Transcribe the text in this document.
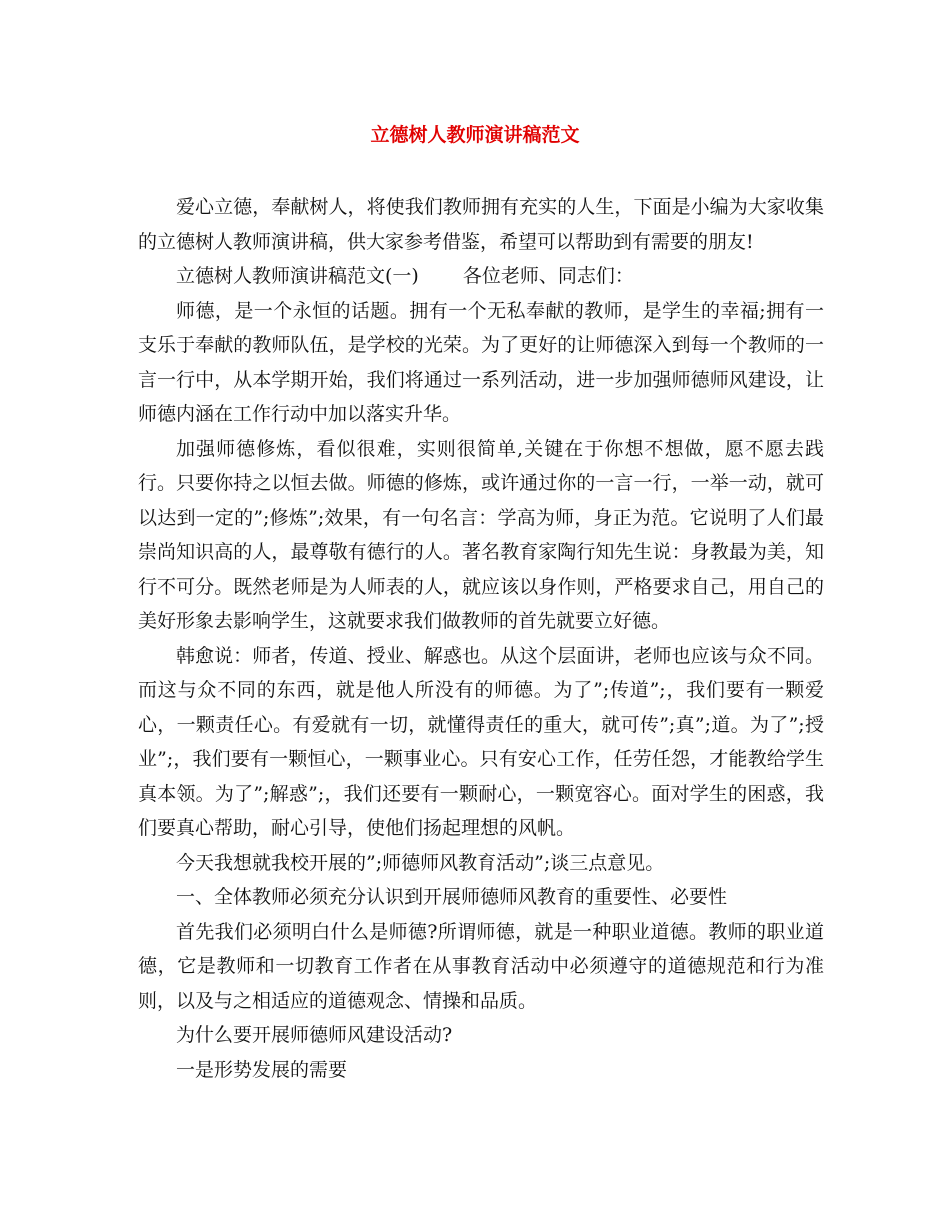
立德树人教师演讲稿范文

爱心立德，奉献树人，将使我们教师拥有充实的人生，下面是小编为大家收集的立德树人教师演讲稿，供大家参考借鉴，希望可以帮助到有需要的朋友!

立德树人教师演讲稿范文(一) 各位老师、同志们：

师德，是一个永恒的话题。拥有一个无私奉献的教师，是学生的幸福;拥有一支乐于奉献的教师队伍，是学校的光荣。为了更好的让师德深入到每一个教师的一言一行中，从本学期开始，我们将通过一系列活动，进一步加强师德师风建设，让师德内涵在工作行动中加以落实升华。

加强师德修炼，看似很难，实则很简单,关键在于你想不想做，愿不愿去践行。只要你持之以恒去做。师德的修炼，或许通过你的一言一行，一举一动，就可以达到一定的”;修炼”;效果，有一句名言：学高为师，身正为范。它说明了人们最崇尚知识高的人，最尊敬有德行的人。著名教育家陶行知先生说：身教最为美，知行不可分。既然老师是为人师表的人，就应该以身作则，严格要求自己，用自己的美好形象去影响学生，这就要求我们做教师的首先就要立好德。

韩愈说：师者，传道、授业、解惑也。从这个层面讲，老师也应该与众不同。而这与众不同的东西，就是他人所没有的师德。为了”;传道”;，我们要有一颗爱心，一颗责任心。有爱就有一切，就懂得责任的重大，就可传”;真”;道。为了”;授业”;，我们要有一颗恒心，一颗事业心。只有安心工作，任劳任怨，才能教给学生真本领。为了”;解惑”;，我们还要有一颗耐心，一颗宽容心。面对学生的困惑，我们要真心帮助，耐心引导，使他们扬起理想的风帆。

今天我想就我校开展的”;师德师风教育活动”;谈三点意见。

一、全体教师必须充分认识到开展师德师风教育的重要性、必要性

首先我们必须明白什么是师德?所谓师德，就是一种职业道德。教师的职业道德，它是教师和一切教育工作者在从事教育活动中必须遵守的道德规范和行为准则，以及与之相适应的道德观念、情操和品质。

为什么要开展师德师风建设活动?

一是形势发展的需要
